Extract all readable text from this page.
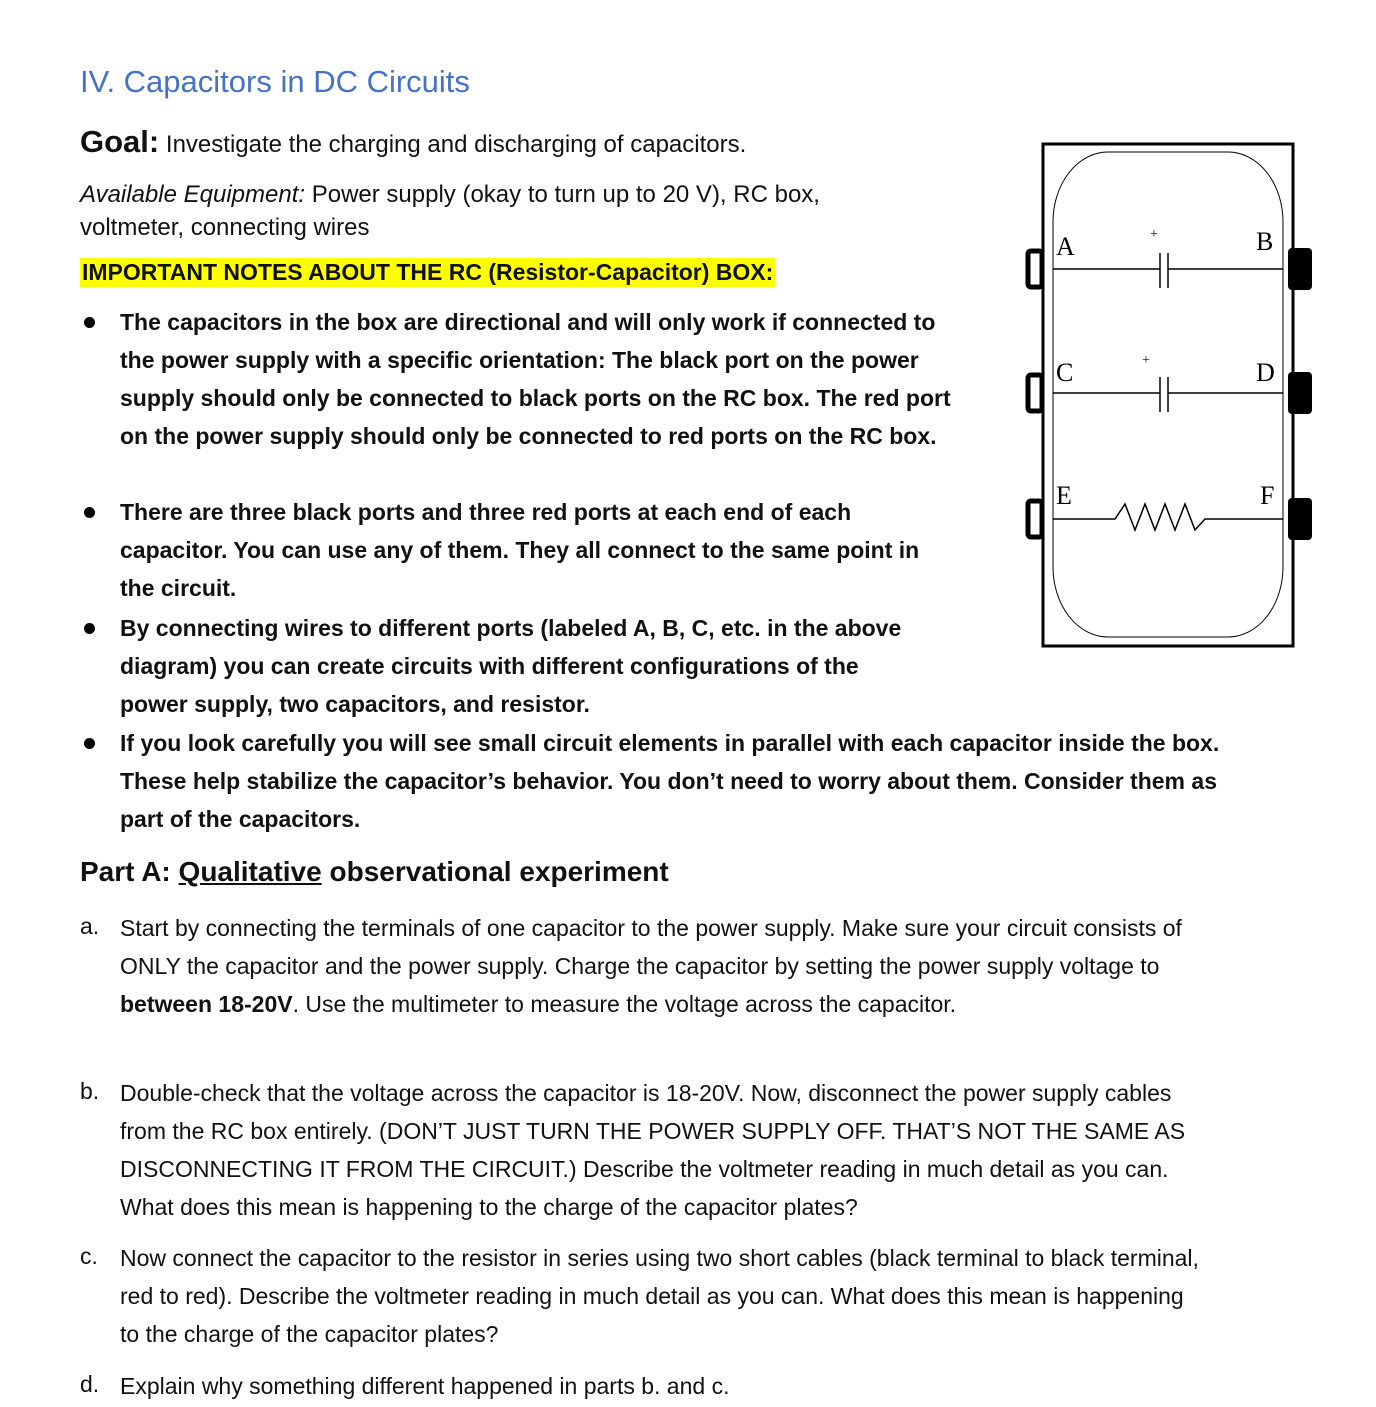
IV. Capacitors in DC Circuits
Goal: Investigate the charging and discharging of capacitors.
Available Equipment: Power supply (okay to turn up to 20 V), RC box, voltmeter, connecting wires
IMPORTANT NOTES ABOUT THE RC (Resistor-Capacitor) BOX:
The capacitors in the box are directional and will only work if connected to the power supply with a specific orientation: The black port on the power supply should only be connected to black ports on the RC box. The red port on the power supply should only be connected to red ports on the RC box.
There are three black ports and three red ports at each end of each capacitor. You can use any of them. They all connect to the same point in the circuit.
By connecting wires to different ports (labeled A, B, C, etc. in the above diagram) you can create circuits with different configurations of the power supply, two capacitors, and resistor.
If you look carefully you will see small circuit elements in parallel with each capacitor inside the box. These help stabilize the capacitor’s behavior. You don’t need to worry about them. Consider them as part of the capacitors.
+
A	B
+
C	D
E	F
Part A: Qualitative observational experiment
a. Start by connecting the terminals of one capacitor to the power supply. Make sure your circuit consists of ONLY the capacitor and the power supply. Charge the capacitor by setting the power supply voltage to between 18-20V. Use the multimeter to measure the voltage across the capacitor.
b. Double-check that the voltage across the capacitor is 18-20V. Now, disconnect the power supply cables from the RC box entirely. (DON’T JUST TURN THE POWER SUPPLY OFF. THAT’S NOT THE SAME AS DISCONNECTING IT FROM THE CIRCUIT.) Describe the voltmeter reading in much detail as you can. What does this mean is happening to the charge of the capacitor plates?
c. Now connect the capacitor to the resistor in series using two short cables (black terminal to black terminal, red to red). Describe the voltmeter reading in much detail as you can. What does this mean is happening to the charge of the capacitor plates?
d. Explain why something different happened in parts b. and c.
